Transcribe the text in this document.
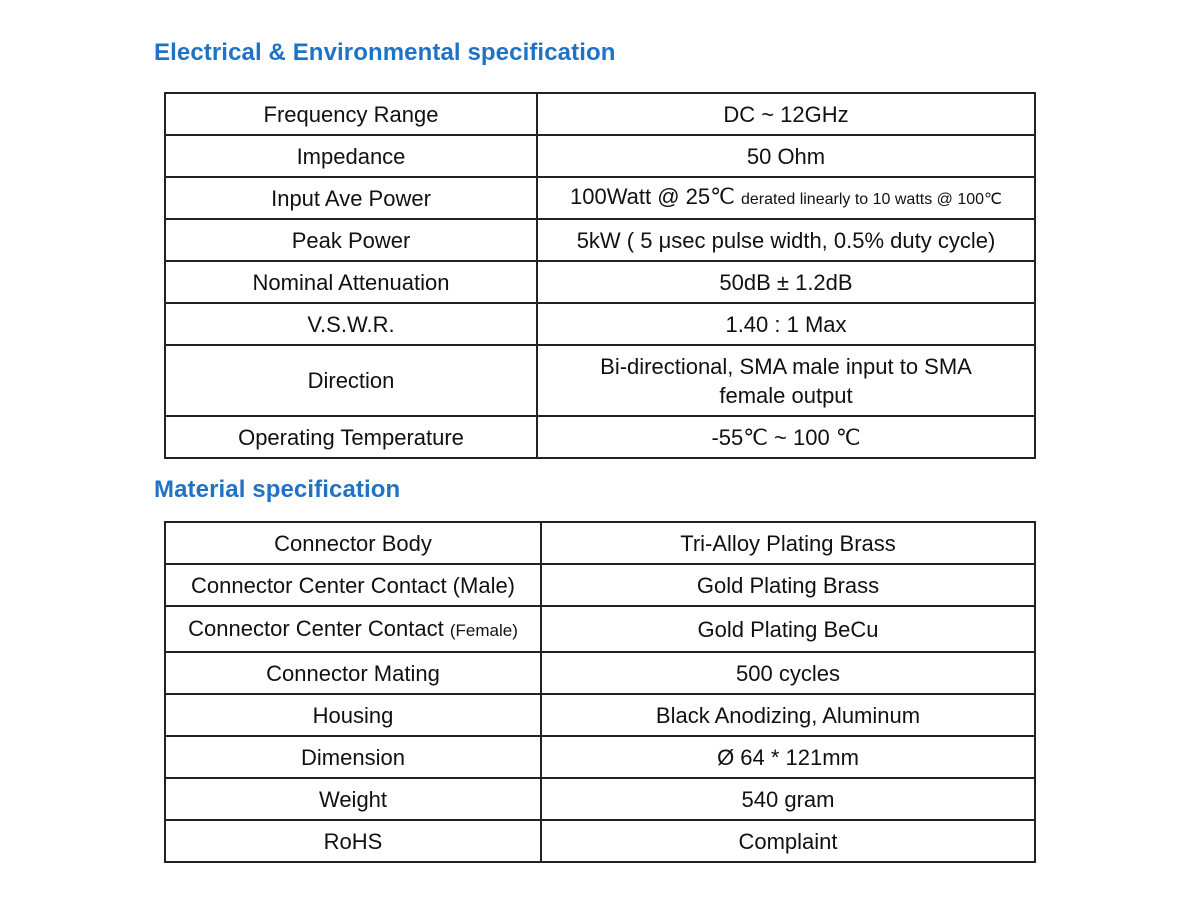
Electrical & Environmental specification
Frequency Range	DC ~ 12GHz
Impedance	50 Ohm
Input Ave Power	100Watt @ 25℃ derated linearly to 10 watts @ 100℃
Peak Power	5kW ( 5 μsec pulse width, 0.5% duty cycle)
Nominal Attenuation	50dB ± 1.2dB
V.S.W.R.	1.40 : 1 Max
Direction	Bi-directional, SMA male input to SMA
female output

Operating Temperature	-55℃ ~ 100 ℃
Material specification
Connector Body	Tri-Alloy Plating Brass
Connector Center Contact (Male)	Gold Plating Brass
Connector Center Contact (Female)	Gold Plating BeCu
Connector Mating	500 cycles
Housing	Black Anodizing, Aluminum
Dimension	Ø 64 * 121mm
Weight	540 gram
RoHS	Complaint
